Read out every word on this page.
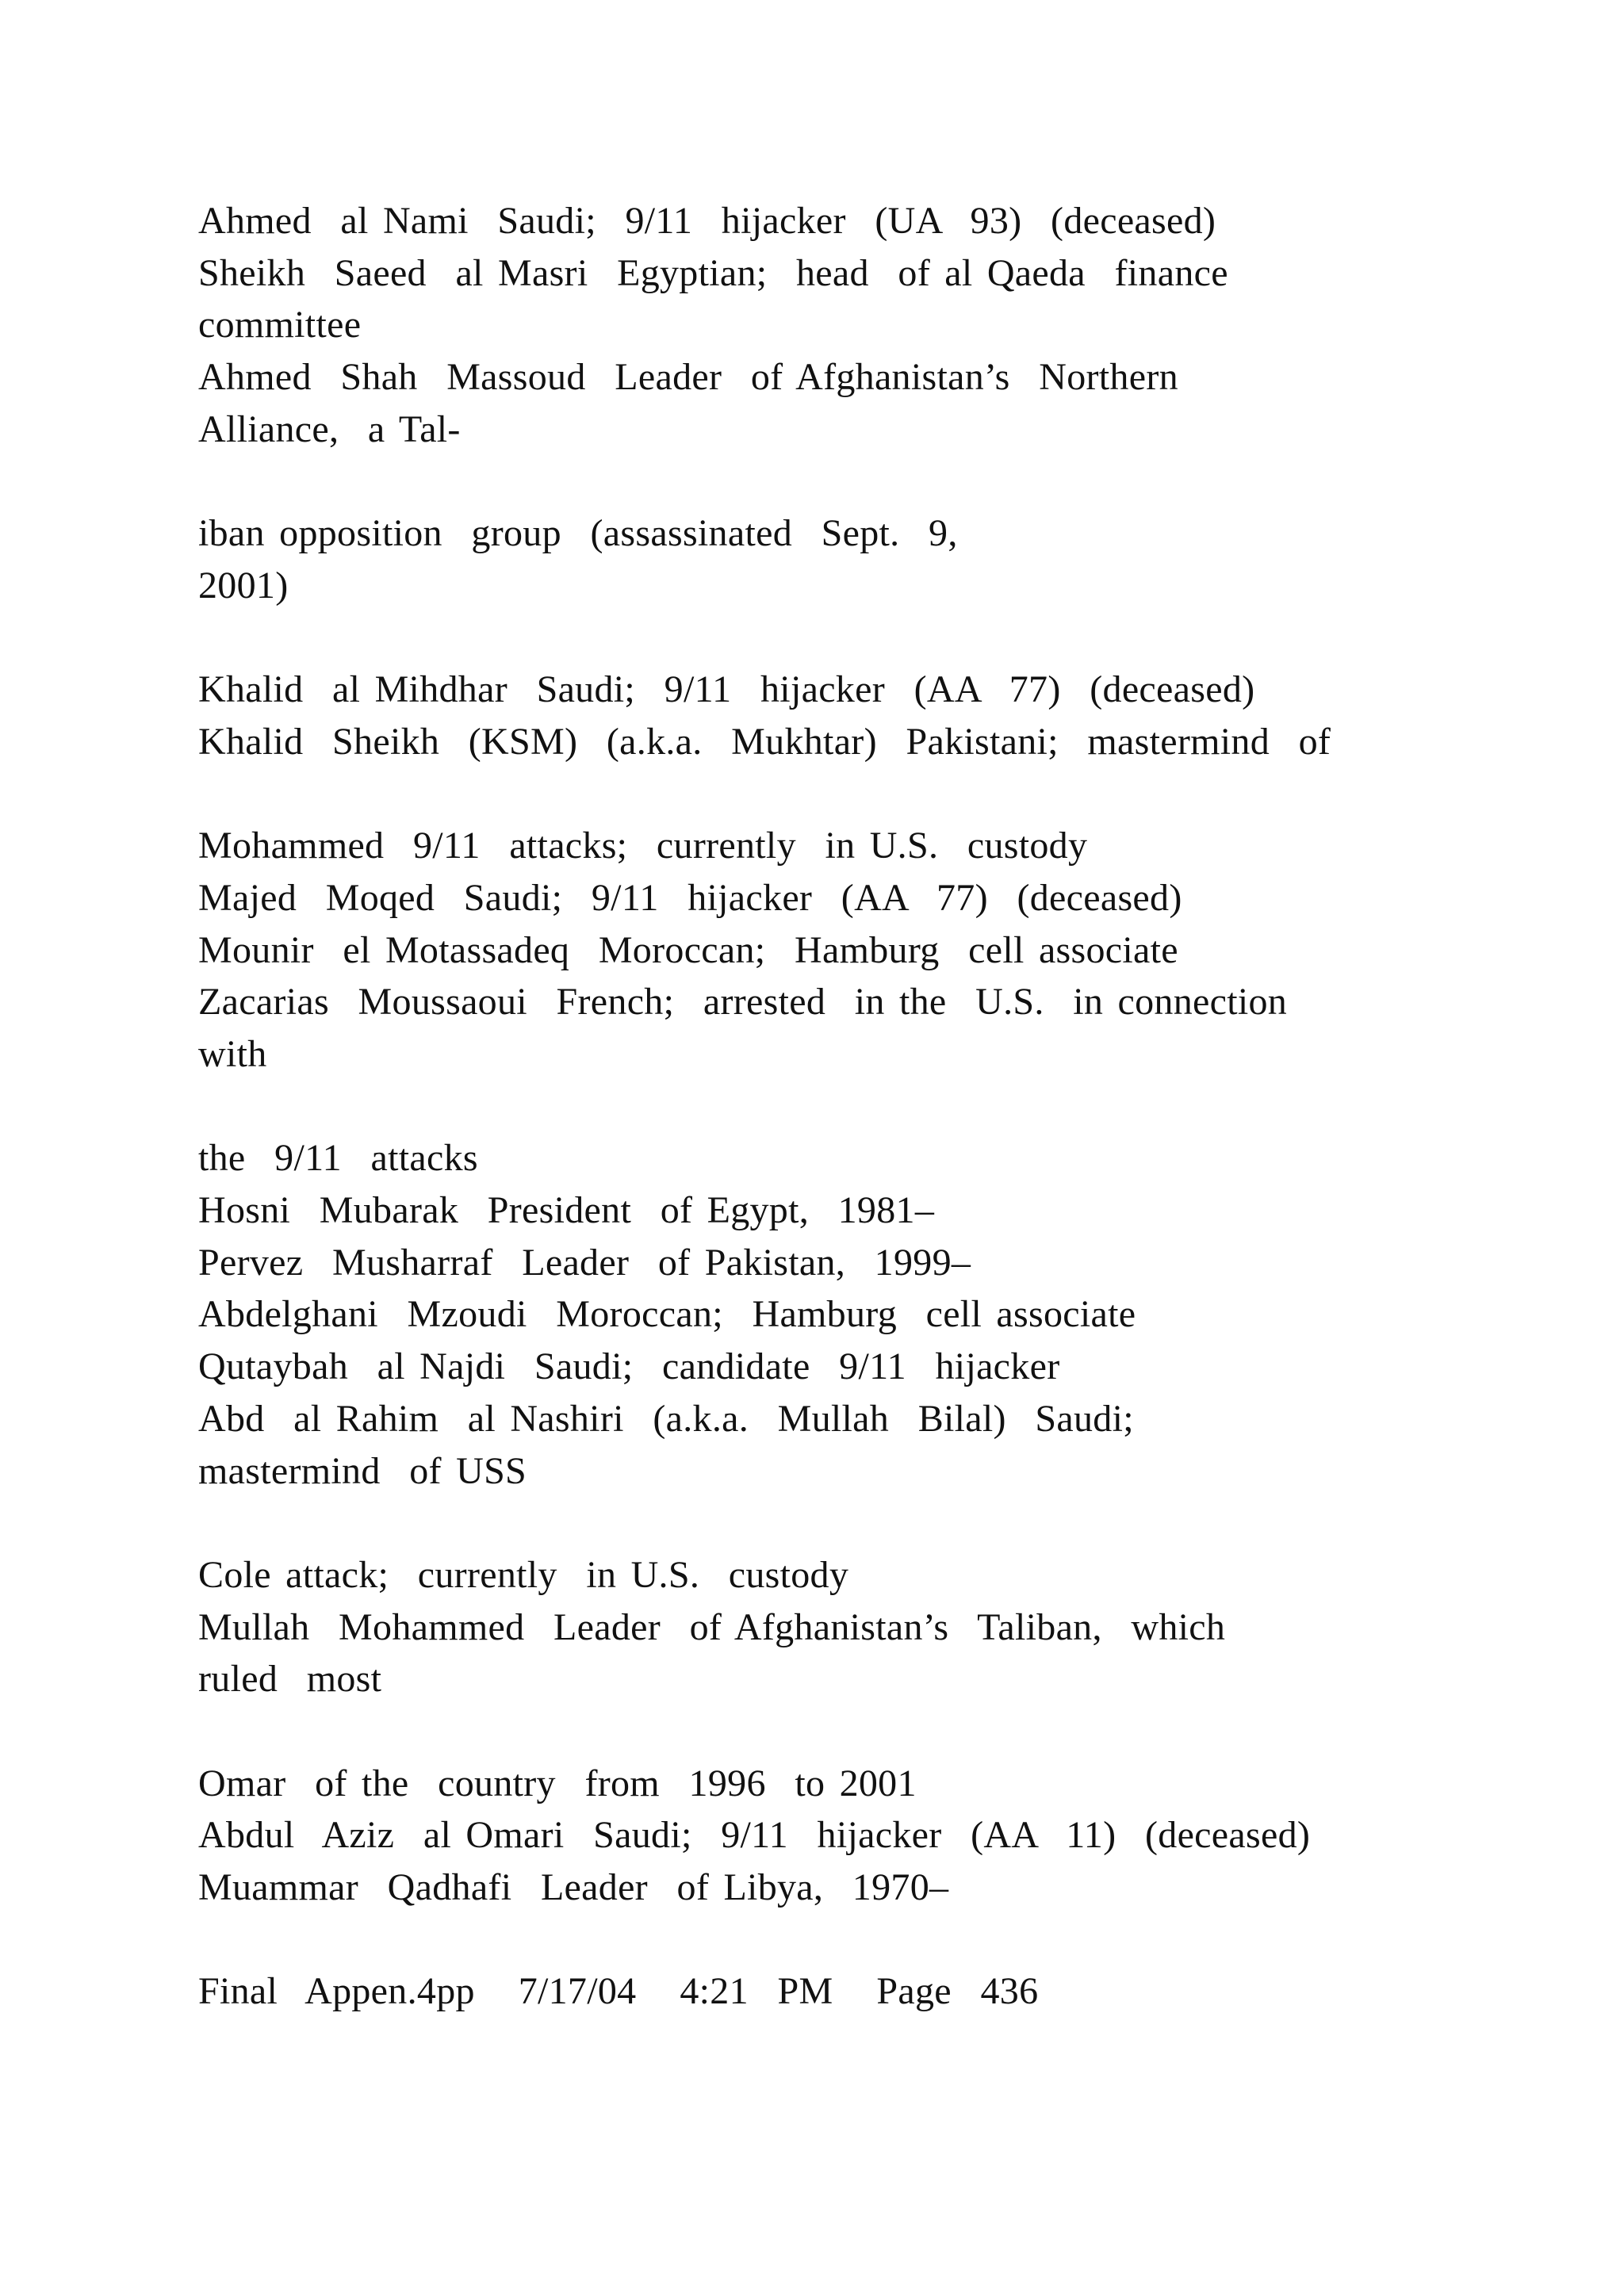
Ahmed  al Nami  Saudi;  9/11  hijacker  (UA  93)  (deceased)
Sheikh  Saeed  al Masri  Egyptian;  head  of al Qaeda  finance
committee
Ahmed  Shah  Massoud  Leader  of Afghanistan’s  Northern
Alliance,  a Tal-
iban opposition  group  (assassinated  Sept.  9,
2001)
Khalid  al Mihdhar  Saudi;  9/11  hijacker  (AA  77)  (deceased)
Khalid  Sheikh  (KSM)  (a.k.a.  Mukhtar)  Pakistani;  mastermind  of
Mohammed  9/11  attacks;  currently  in U.S.  custody
Majed  Moqed  Saudi;  9/11  hijacker  (AA  77)  (deceased)
Mounir  el Motassadeq  Moroccan;  Hamburg  cell associate
Zacarias  Moussaoui  French;  arrested  in the  U.S.  in connection
with
the  9/11  attacks
Hosni  Mubarak  President  of Egypt,  1981–
Pervez  Musharraf  Leader  of Pakistan,  1999–
Abdelghani  Mzoudi  Moroccan;  Hamburg  cell associate
Qutaybah  al Najdi  Saudi;  candidate  9/11  hijacker
Abd  al Rahim  al Nashiri  (a.k.a.  Mullah  Bilal)  Saudi;
mastermind  of USS
Cole attack;  currently  in U.S.  custody
Mullah  Mohammed  Leader  of Afghanistan’s  Taliban,  which
ruled  most
Omar  of the  country  from  1996  to 2001
Abdul  Aziz  al Omari  Saudi;  9/11  hijacker  (AA  11)  (deceased)
Muammar  Qadhafi  Leader  of Libya,  1970–
Final  Appen.4pp   7/17/04   4:21  PM   Page  436
